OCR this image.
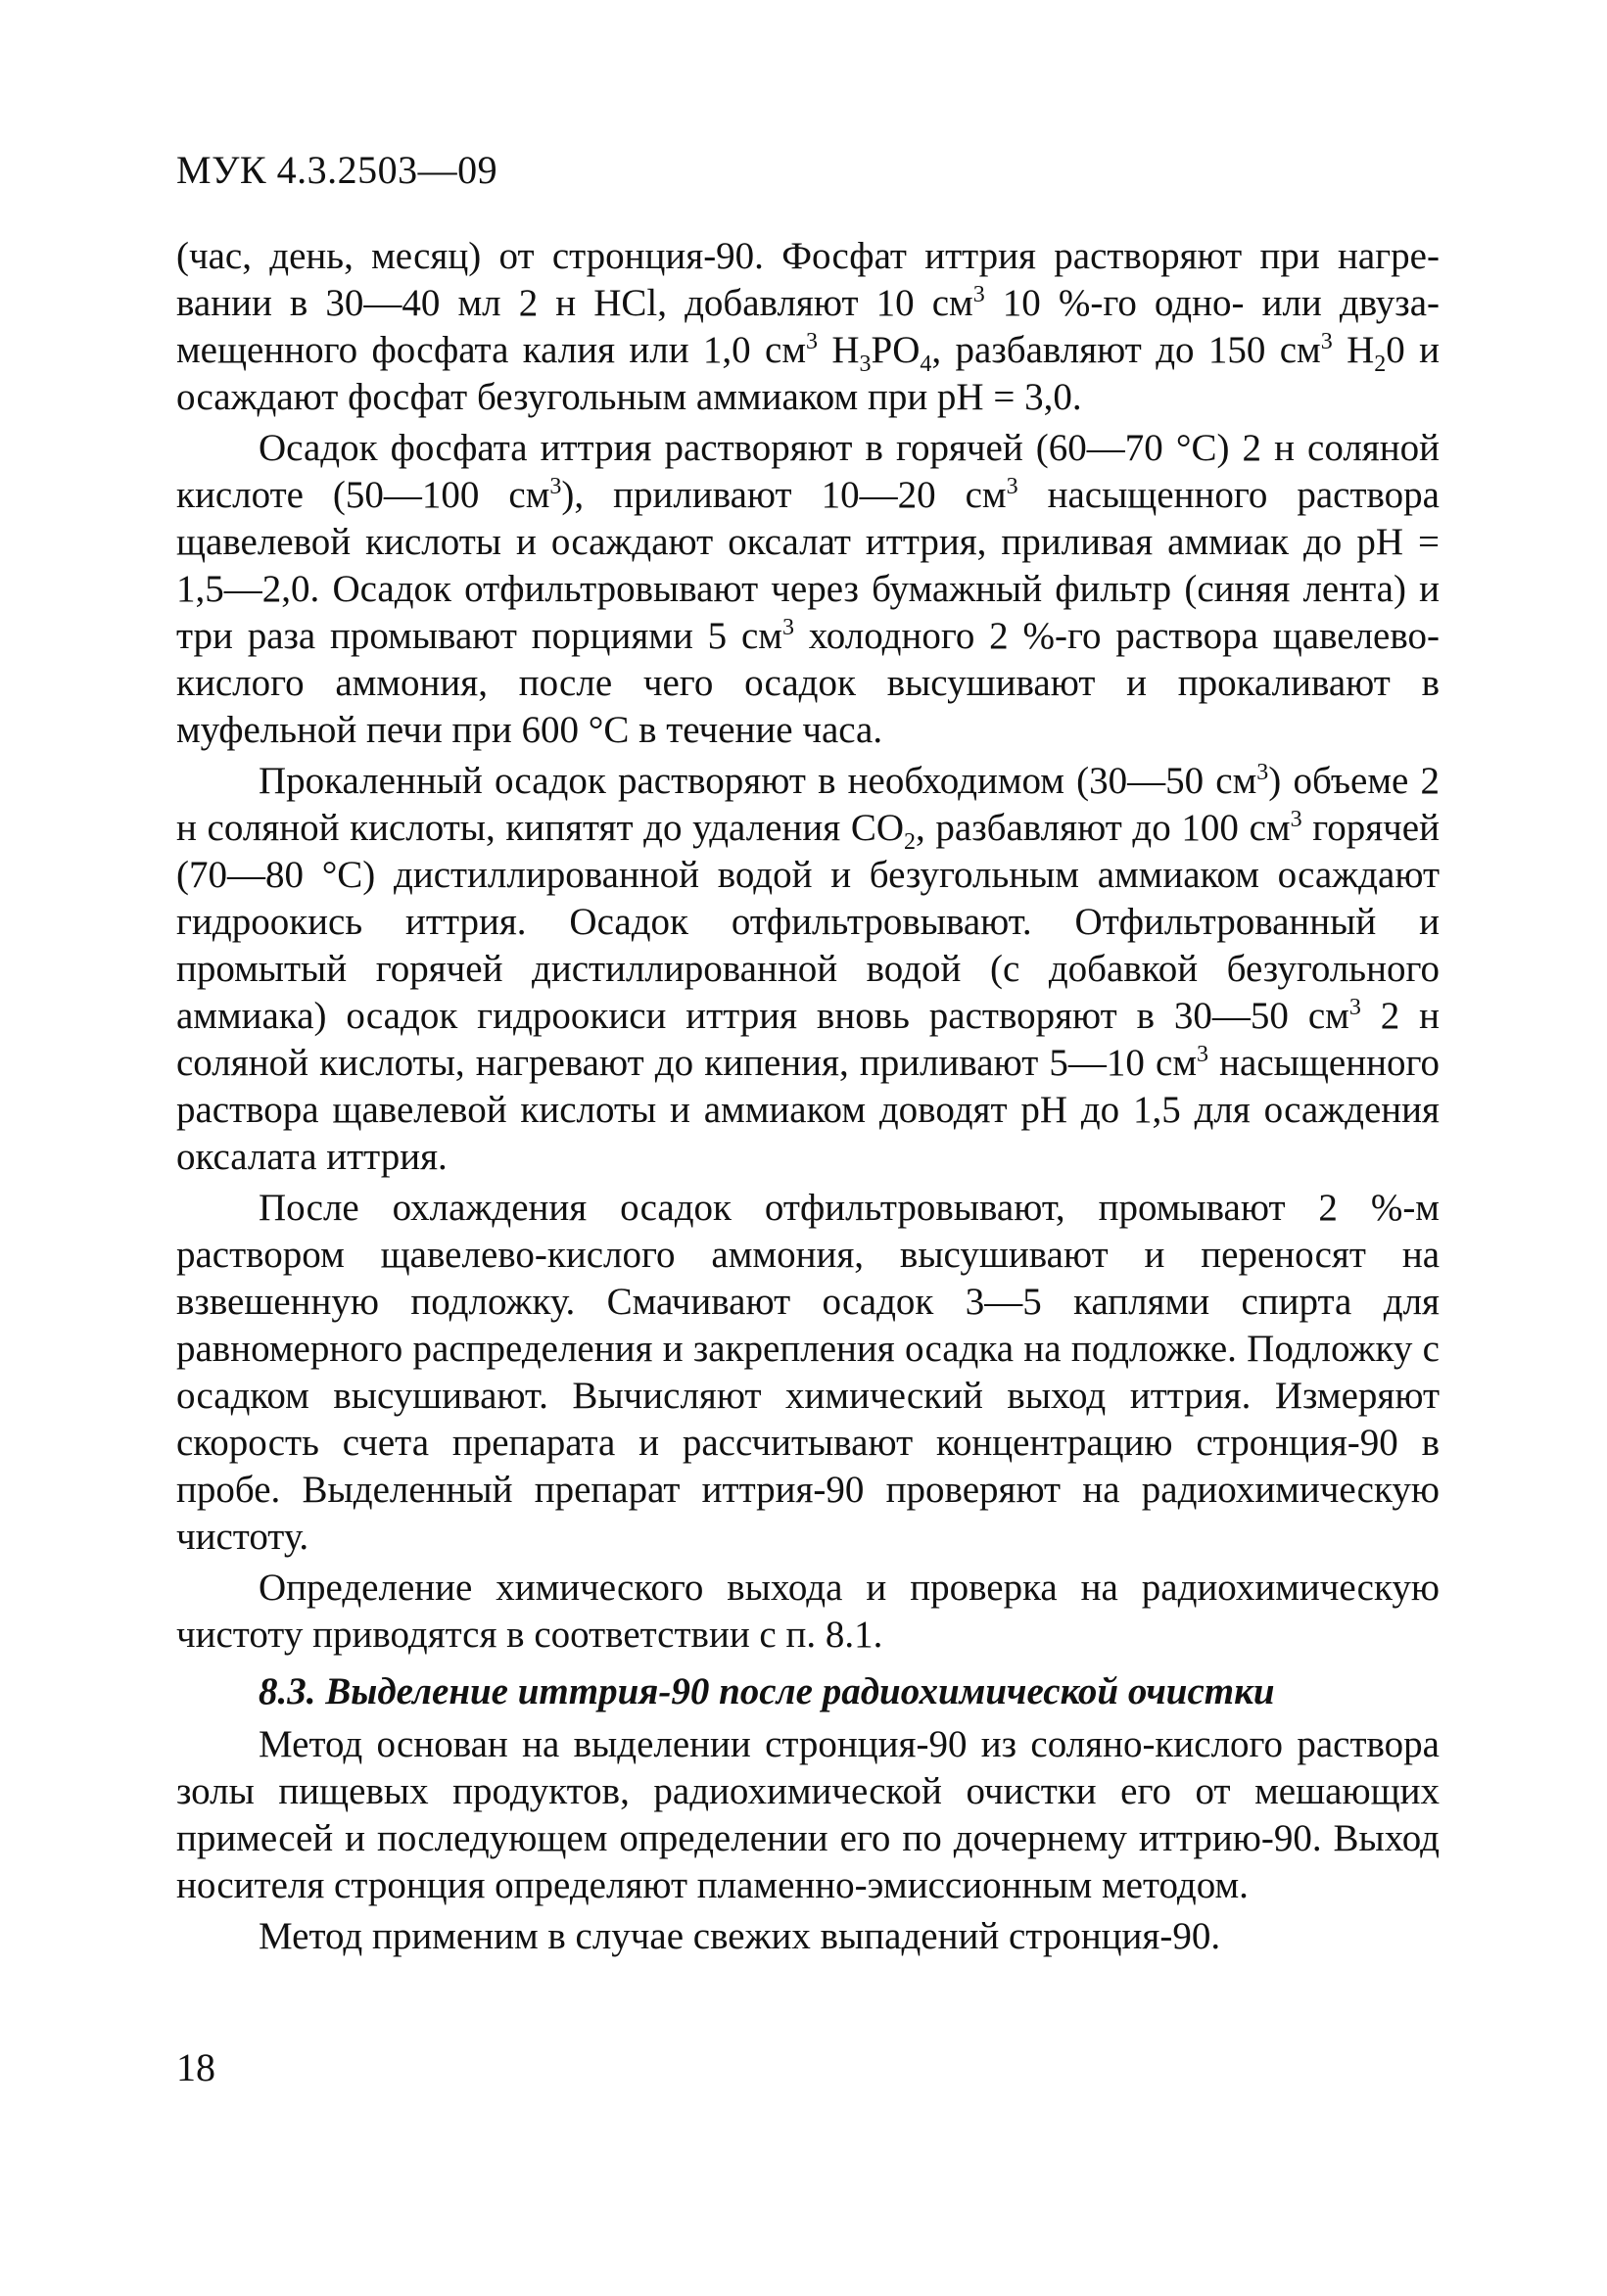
МУК 4.3.2503—09

(час, день, месяц) от стронция-90. Фосфат иттрия растворяют при нагревании в 30—40 мл 2 н HCl, добавляют 10 $см^3$ 10 %-го одно- или двузамещенного фосфата калия или 1,0 $см^3$ $H_3PO_4$, разбавляют до 150 $см^3$ $H_20$ и осаждают фосфат безугольным аммиаком при pH = 3,0.

Осадок фосфата иттрия растворяют в горячей (60—70 °С) 2 н соляной кислоте (50—100 $см^3$), приливают 10—20 $см^3$ насыщенного раствора щавелевой кислоты и осаждают оксалат иттрия, приливая аммиак до pH = 1,5—2,0. Осадок отфильтровывают через бумажный фильтр (синяя лента) и три раза промывают порциями 5 $см^3$ холодного 2 %-го раствора щавелево-кислого аммония, после чего осадок высушивают и прокаливают в муфельной печи при 600 °С в течение часа.

Прокаленный осадок растворяют в необходимом (30—50 $см^3$) объеме 2 н соляной кислоты, кипятят до удаления $CO_2$, разбавляют до 100 $см^3$ горячей (70—80 °С) дистиллированной водой и безугольным аммиаком осаждают гидроокись иттрия. Осадок отфильтровывают. Отфильтрованный и промытый горячей дистиллированной водой (с добавкой безугольного аммиака) осадок гидроокиси иттрия вновь растворяют в 30—50 $см^3$ 2 н соляной кислоты, нагревают до кипения, приливают 5—10 $см^3$ насыщенного раствора щавелевой кислоты и аммиаком доводят pH до 1,5 для осаждения оксалата иттрия.

После охлаждения осадок отфильтровывают, промывают 2 %-м раствором щавелево-кислого аммония, высушивают и переносят на взвешенную подложку. Смачивают осадок 3—5 каплями спирта для равномерного распределения и закрепления осадка на подложке. Подложку с осадком высушивают. Вычисляют химический выход иттрия. Измеряют скорость счета препарата и рассчитывают концентрацию стронция-90 в пробе. Выделенный препарат иттрия-90 проверяют на радиохимическую чистоту.

Определение химического выхода и проверка на радиохимическую чистоту приводятся в соответствии с п. 8.1.

8.3. Выделение иттрия-90 после радиохимической очистки

Метод основан на выделении стронция-90 из соляно-кислого раствора золы пищевых продуктов, радиохимической очистки его от мешающих примесей и последующем определении его по дочернему иттрию-90. Выход носителя стронция определяют пламенно-эмиссионным методом.

Метод применим в случае свежих выпадений стронция-90.

18
